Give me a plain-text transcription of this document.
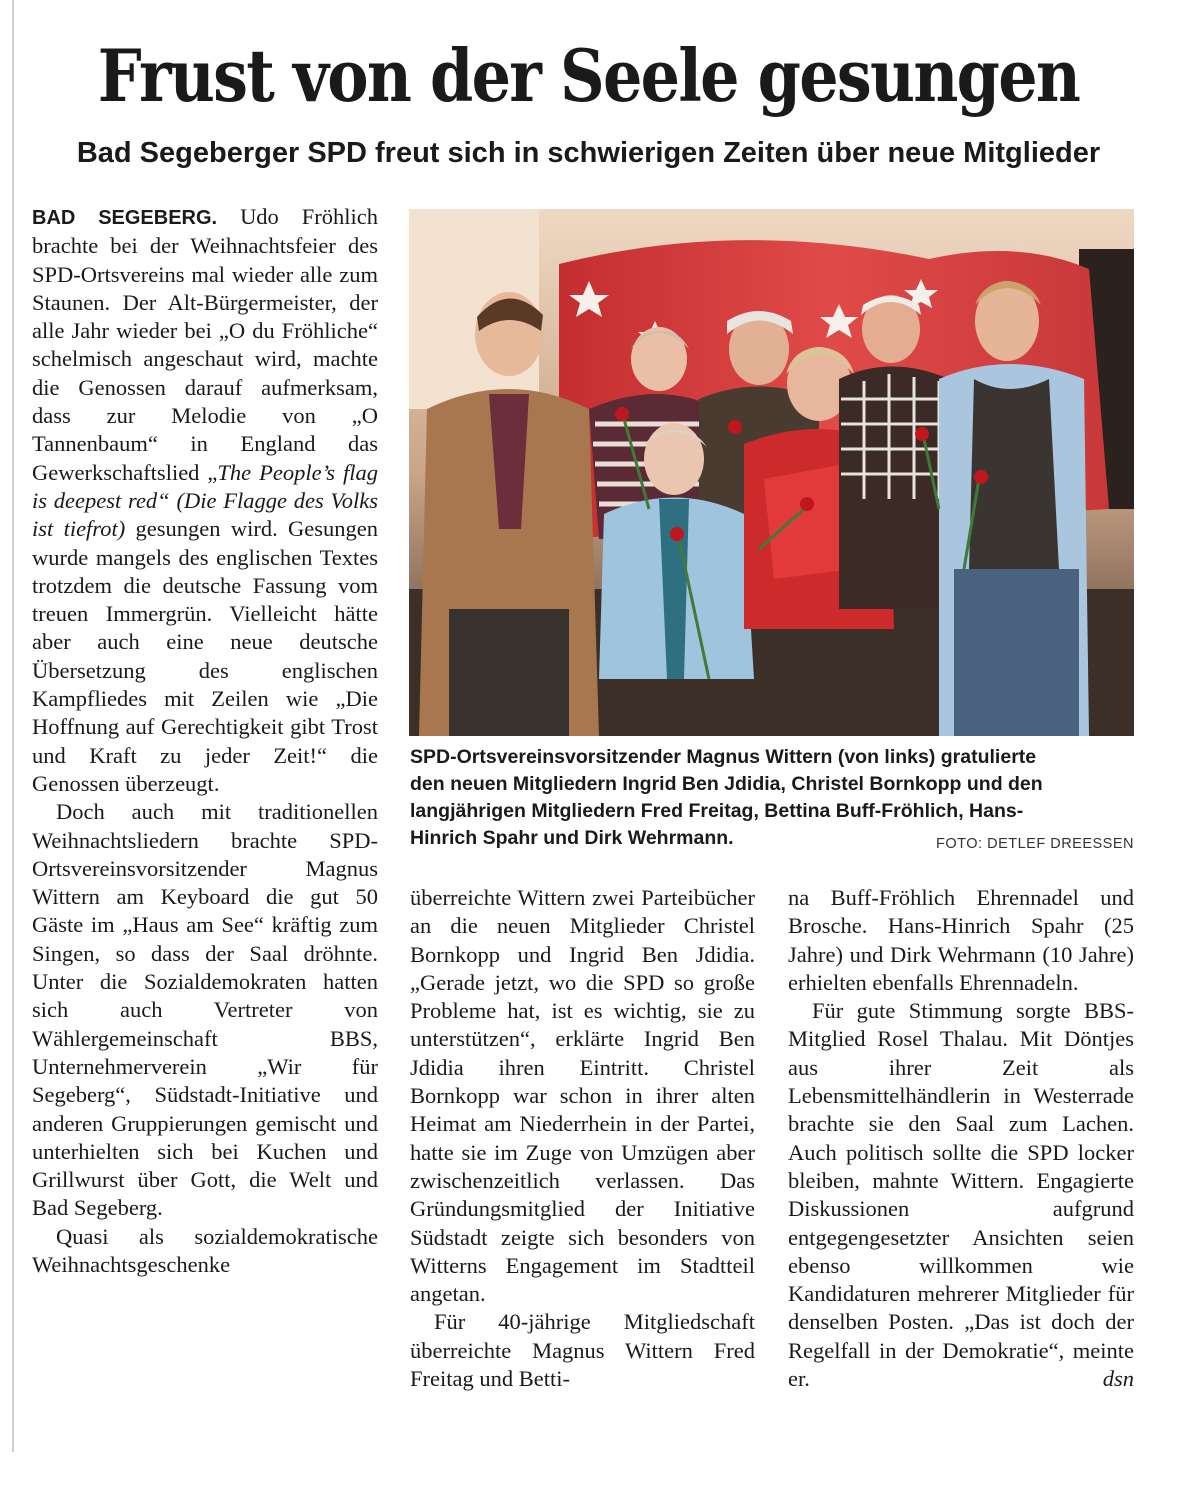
Frust von der Seele gesungen
Bad Segeberger SPD freut sich in schwierigen Zeiten über neue Mitglieder

BAD SEGEBERG. Udo Fröhlich brachte bei der Weihnachtsfeier des SPD-Ortsvereins mal wieder alle zum Staunen. Der Alt-Bürgermeister, der alle Jahr wieder bei „O du Fröhliche“ schelmisch angeschaut wird, machte die Genossen darauf aufmerksam, dass zur Melodie von „O Tannenbaum“ in England das Gewerkschaftslied „The People’s flag is deepest red“ (Die Flagge des Volks ist tiefrot) gesungen wird. Gesungen wurde mangels des englischen Textes trotzdem die deutsche Fassung vom treuen Immergrün. Vielleicht hätte aber auch eine neue deutsche Übersetzung des englischen Kampfliedes mit Zeilen wie „Die Hoffnung auf Gerechtigkeit gibt Trost und Kraft zu jeder Zeit!“ die Genossen überzeugt.

Doch auch mit traditionellen Weihnachtsliedern brachte SPD-Ortsvereinsvorsitzender Magnus Wittern am Keyboard die gut 50 Gäste im „Haus am See“ kräftig zum Singen, so dass der Saal dröhnte. Unter die Sozialdemokraten hatten sich auch Vertreter von Wählergemeinschaft BBS, Unternehmerverein „Wir für Segeberg“, Südstadt-Initiative und anderen Gruppierungen gemischt und unterhielten sich bei Kuchen und Grillwurst über Gott, die Welt und Bad Segeberg.

Quasi als sozialdemokratische Weihnachtsgeschenke

SPD-Ortsvereinsvorsitzender Magnus Wittern (von links) gratulierte
den neuen Mitgliedern Ingrid Ben Jdidia, Christel Bornkopp und den
langjährigen Mitgliedern Fred Freitag, Bettina Buff-Fröhlich, Hans-
Hinrich Spahr und Dirk Wehrmann.	FOTO: DETLEF DREESSEN

überreichte Wittern zwei Parteibücher an die neuen Mitglieder Christel Bornkopp und Ingrid Ben Jdidia. „Gerade jetzt, wo die SPD so große Probleme hat, ist es wichtig, sie zu unterstützen“, erklärte Ingrid Ben Jdidia ihren Eintritt. Christel Bornkopp war schon in ihrer alten Heimat am Niederrhein in der Partei, hatte sie im Zuge von Umzügen aber zwischenzeitlich verlassen. Das Gründungsmitglied der Initiative Südstadt zeigte sich besonders von Witterns Engagement im Stadtteil angetan.

Für 40-jährige Mitgliedschaft überreichte Magnus Wittern Fred Freitag und Betti-

na Buff-Fröhlich Ehrennadel und Brosche. Hans-Hinrich Spahr (25 Jahre) und Dirk Wehrmann (10 Jahre) erhielten ebenfalls Ehrennadeln.

Für gute Stimmung sorgte BBS-Mitglied Rosel Thalau. Mit Döntjes aus ihrer Zeit als Lebensmittelhändlerin in Westerrade brachte sie den Saal zum Lachen. Auch politisch sollte die SPD locker bleiben, mahnte Wittern. Engagierte Diskussionen aufgrund entgegengesetzter Ansichten seien ebenso willkommen wie Kandidaturen mehrerer Mitglieder für denselben Posten. „Das ist doch der Regelfall in der Demokratie“, meinte er.	dsn
